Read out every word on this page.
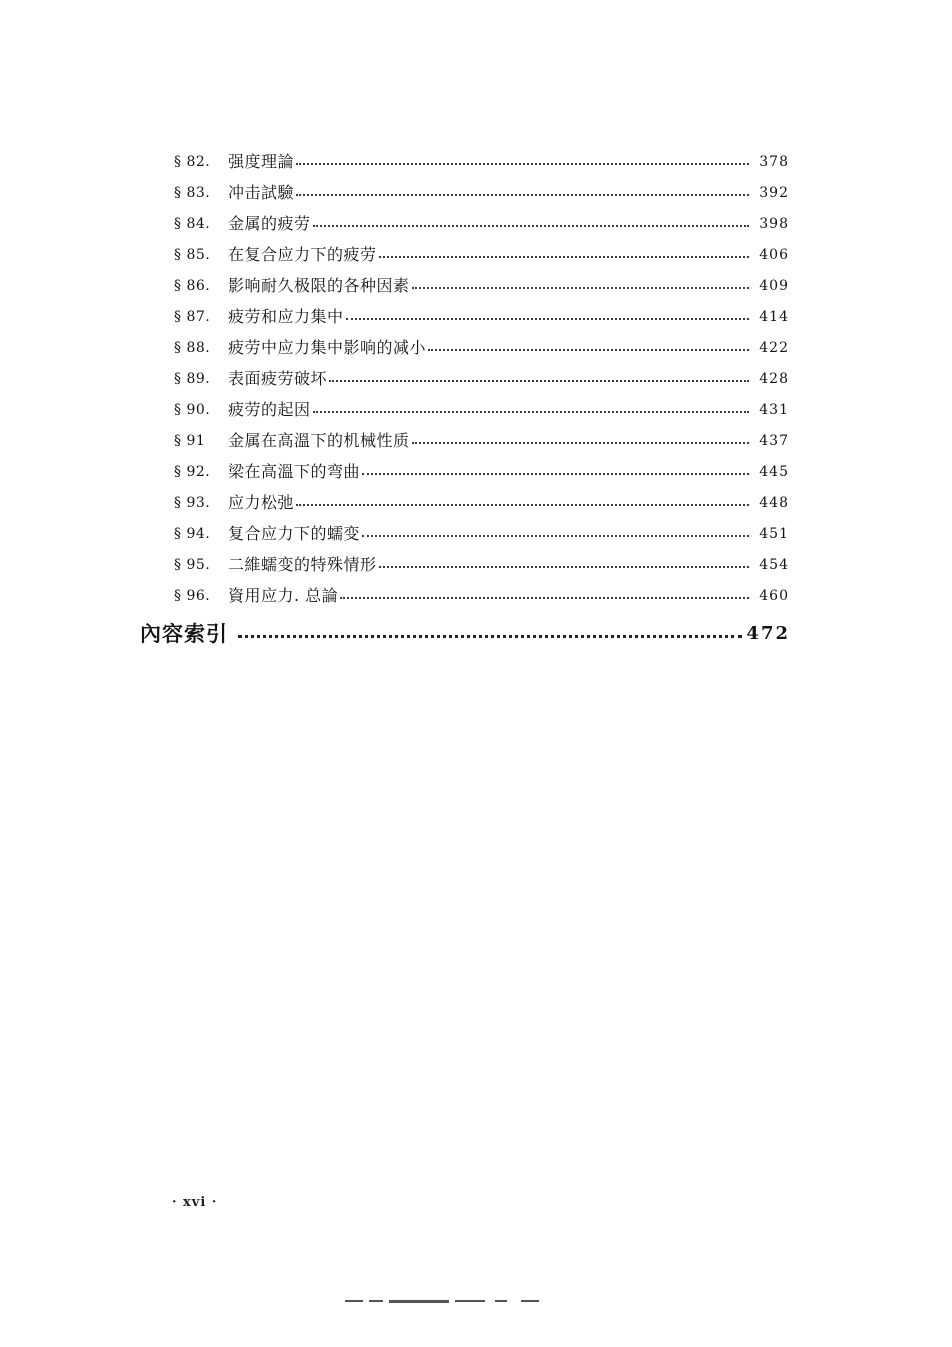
§ 82.	强度理論	378
§ 83.	冲击試驗	392
§ 84.	金属的疲劳	398
§ 85.	在复合应力下的疲劳	406
§ 86.	影响耐久极限的各种因素	409
§ 87.	疲劳和应力集中	414
§ 88.	疲劳中应力集中影响的减小	422
§ 89.	表面疲劳破坏	428
§ 90.	疲劳的起因	431
§ 91	金属在高溫下的机械性质	437
§ 92.	梁在高溫下的弯曲	445
§ 93.	应力松弛	448
§ 94.	复合应力下的蠕变	451
§ 95.	二維蠕变的特殊情形	454
§ 96.	資用应力. 总論	460
內容索引	472
· xvi ·
